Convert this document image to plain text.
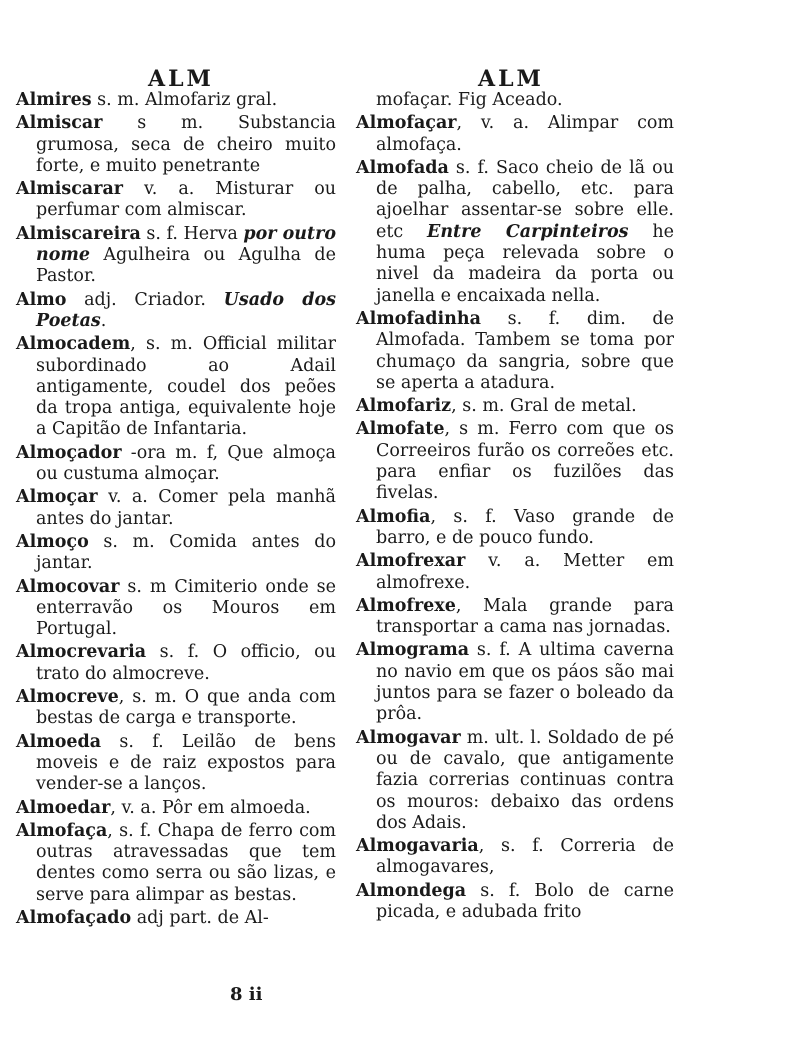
ALM	ALM

Almires s. m. Almofariz gral.

Almiscar s m. Substancia grumosa, seca de cheiro muito forte, e muito penetrante

Almiscarar v. a. Misturar ou perfumar com almiscar.

Almiscareira s. f. Herva por outro nome Agulheira ou Agulha de Pastor.

Almo adj. Criador. Usado dos Poetas.

Almocadem, s. m. Official militar subordinado ao Adail antigamente, coudel dos peões da tropa antiga, equivalente hoje a Capitão de Infantaria.

Almoçador -ora m. f, Que almoça ou custuma almoçar.

Almoçar v. a. Comer pela manhã antes do jantar.

Almoço s. m. Comida antes do jantar.

Almocovar s. m Cimiterio onde se enterravão os Mouros em Portugal.

Almocrevaria s. f. O officio, ou trato do almocreve.

Almocreve, s. m. O que anda com bestas de carga e transporte.

Almoeda s. f. Leilão de bens moveis e de raiz expostos para vender-se a lanços.

Almoedar, v. a. Pôr em almoeda.

Almofaça, s. f. Chapa de ferro com outras atravessadas que tem dentes como serra ou são lizas, e serve para alimpar as bestas.

Almofaçado adj part. de Al-

mofaçar. Fig Aceado.

Almofaçar, v. a. Alimpar com almofaça.

Almofada s. f. Saco cheio de lã ou de palha, cabello, etc. para ajoelhar assentar-se sobre elle. etc Entre Carpinteiros he huma peça relevada sobre o nivel da madeira da porta ou janella e encaixada nella.

Almofadinha s. f. dim. de Almofada. Tambem se toma por chumaço da sangria, sobre que se aperta a atadura.

Almofariz, s. m. Gral de metal.

Almofate, s m. Ferro com que os Correeiros furão os correões etc. para enfiar os fuzilões das fivelas.

Almofia, s. f. Vaso grande de barro, e de pouco fundo.

Almofrexar v. a. Metter em almofrexe.

Almofrexe, Mala grande para transportar a cama nas jornadas.

Almograma s. f. A ultima caverna no navio em que os páos são mai juntos para se fazer o boleado da prôa.

Almogavar m. ult. l. Soldado de pé ou de cavalo, que antigamente fazia correrias continuas contra os mouros: debaixo das ordens dos Adais.

Almogavaria, s. f. Correria de almogavares,

Almondega s. f. Bolo de carne picada, e adubada frito

8 ii
